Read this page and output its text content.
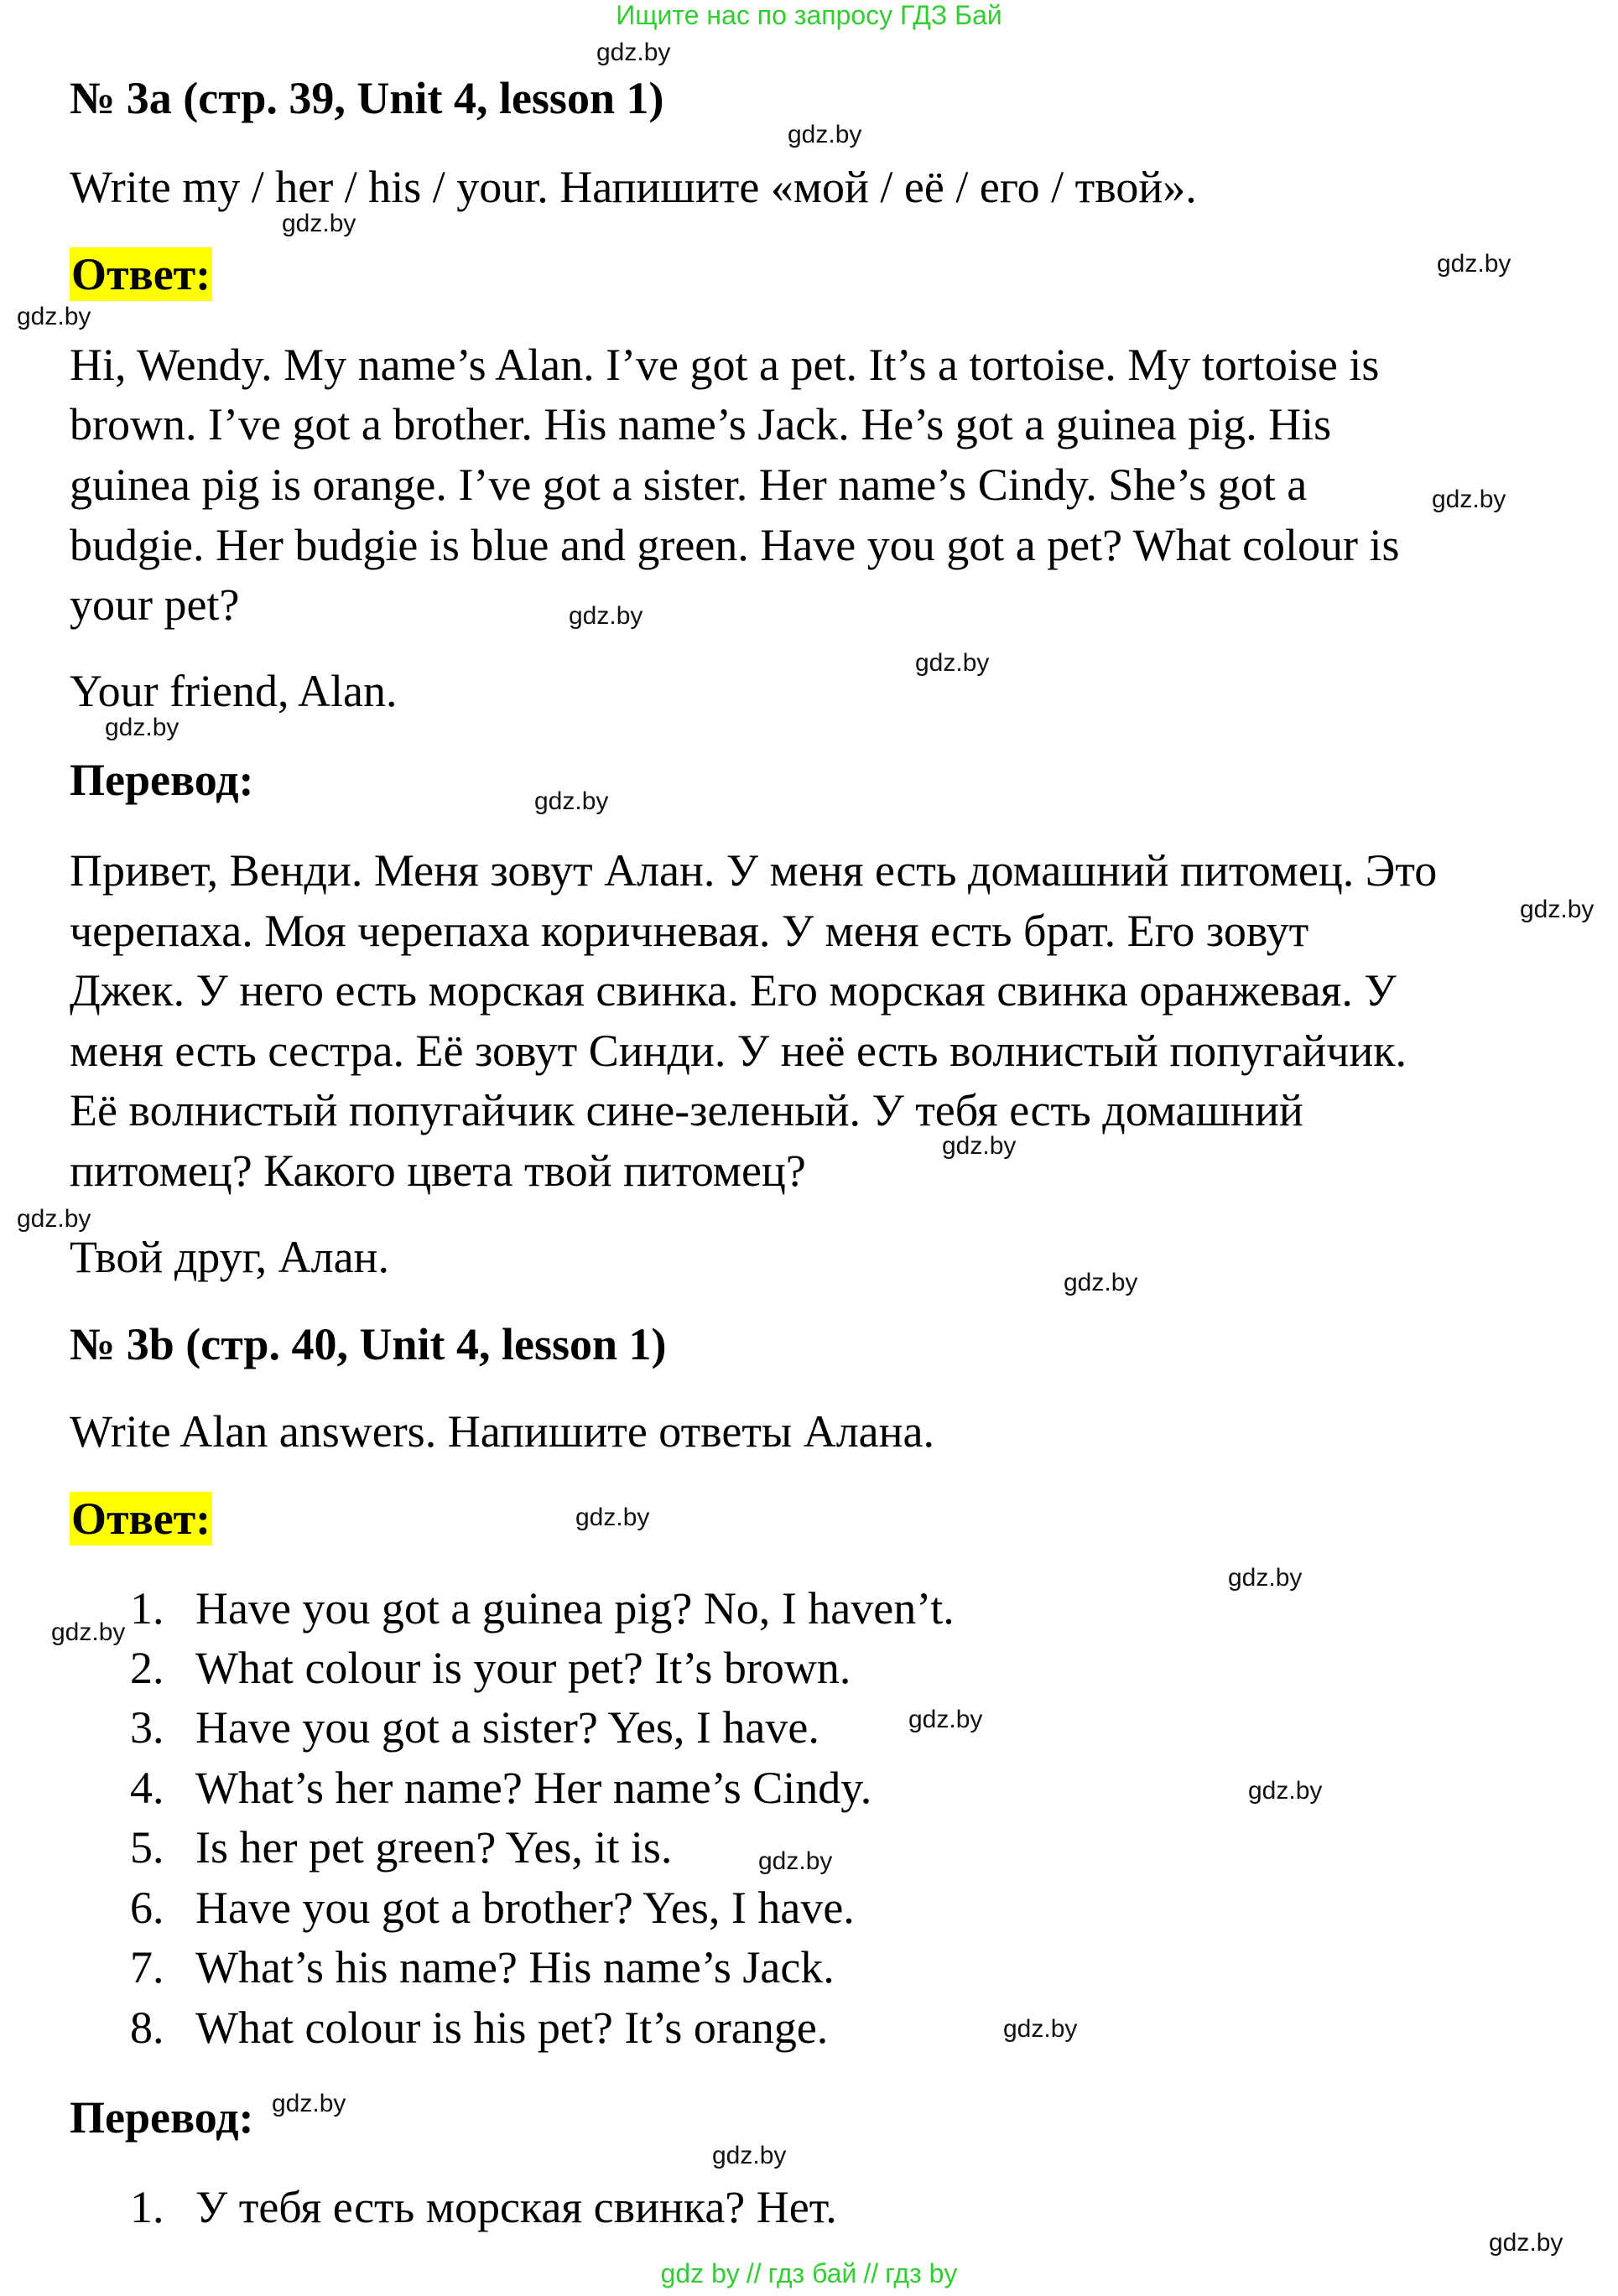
Ищите нас по запросу ГДЗ Бай
№ 3a (стр. 39, Unit 4, lesson 1)
Write my / her / his / your. Напишите «мой / её / его / твой».
Ответ:
Hi, Wendy. My name’s Alan. I’ve got a pet. It’s a tortoise. My tortoise is
brown. I’ve got a brother. His name’s Jack. He’s got a guinea pig. His
guinea pig is orange. I’ve got a sister. Her name’s Cindy. She’s got a
budgie. Her budgie is blue and green. Have you got a pet? What colour is
your pet?
Your friend, Alan.
Перевод:
Привет, Венди. Меня зовут Алан. У меня есть домашний питомец. Это
черепаха. Моя черепаха коричневая. У меня есть брат. Его зовут
Джек. У него есть морская свинка. Его морская свинка оранжевая. У
меня есть сестра. Её зовут Синди. У неё есть волнистый попугайчик.
Её волнистый попугайчик сине-зеленый. У тебя есть домашний
питомец? Какого цвета твой питомец?
Твой друг, Алан.
№ 3b (стр. 40, Unit 4, lesson 1)
Write Alan answers. Напишите ответы Алана.
Ответ:
1. Have you got a guinea pig? No, I haven’t.
2. What colour is your pet? It’s brown.
3. Have you got a sister? Yes, I have.
4. What’s her name? Her name’s Cindy.
5. Is her pet green? Yes, it is.
6. Have you got a brother? Yes, I have.
7. What’s his name? His name’s Jack.
8. What colour is his pet? It’s orange.
Перевод:
1. У тебя есть морская свинка? Нет.
gdz.by
gdz.by
gdz.by
gdz.by
gdz.by
gdz.by
gdz.by
gdz.by
gdz.by
gdz.by
gdz.by
gdz.by
gdz.by
gdz.by
gdz.by
gdz.by
gdz.by
gdz.by
gdz.by
gdz.by
gdz.by
gdz.by
gdz.by
gdz.by
gdz by // гдз бай // гдз by
